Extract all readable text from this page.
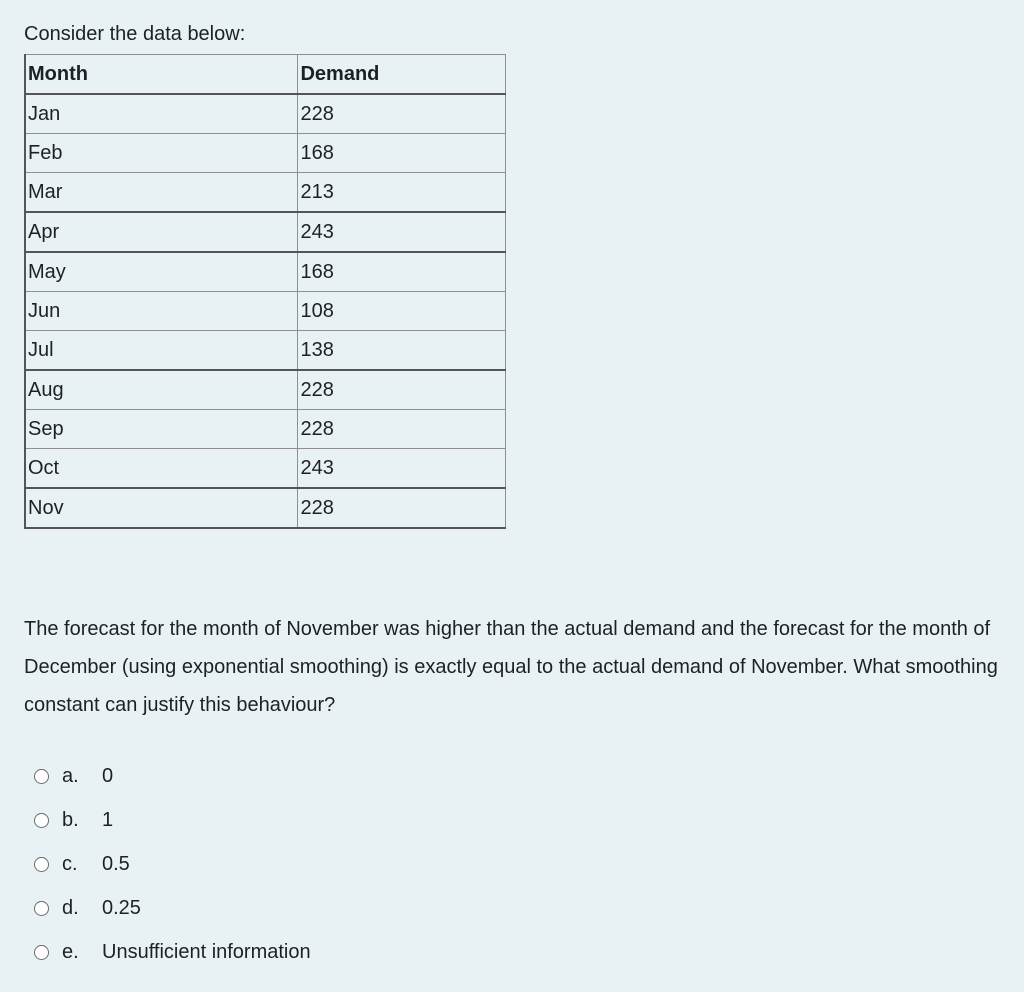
Consider the data below:
Month	Demand
Jan	228
Feb	168
Mar	213
Apr	243
May	168
Jun	108
Jul	138
Aug	228
Sep	228
Oct	243
Nov	228
The forecast for the month of November was higher than the actual demand and the forecast for the month of December (using exponential smoothing) is exactly equal to the actual demand of November. What smoothing constant can justify this behaviour?
a.	0
b.	1
c.	0.5
d.	0.25
e.	Unsufficient information
